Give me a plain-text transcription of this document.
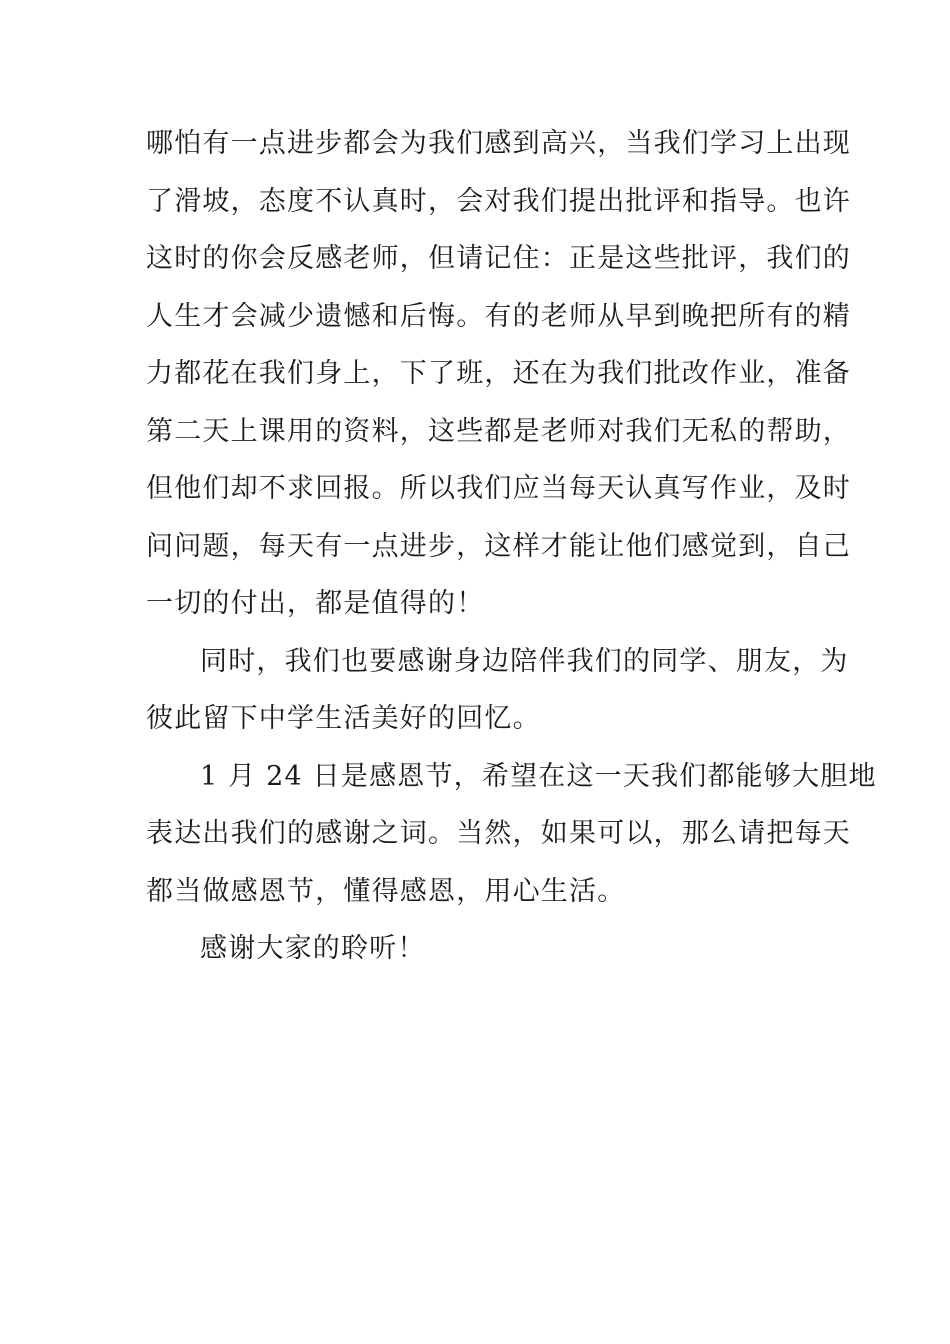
哪怕有一点进步都会为我们感到高兴，当我们学习上出现
了滑坡，态度不认真时，会对我们提出批评和指导。也许
这时的你会反感老师，但请记住：正是这些批评，我们的
人生才会减少遗憾和后悔。有的老师从早到晚把所有的精
力都花在我们身上，下了班，还在为我们批改作业，准备
第二天上课用的资料，这些都是老师对我们无私的帮助，
但他们却不求回报。所以我们应当每天认真写作业，及时
问问题，每天有一点进步，这样才能让他们感觉到，自己
一切的付出，都是值得的！
同时，我们也要感谢身边陪伴我们的同学、朋友，为
彼此留下中学生活美好的回忆。
1 月 24 日是感恩节，希望在这一天我们都能够大胆地
表达出我们的感谢之词。当然，如果可以，那么请把每天
都当做感恩节，懂得感恩，用心生活。
感谢大家的聆听！
